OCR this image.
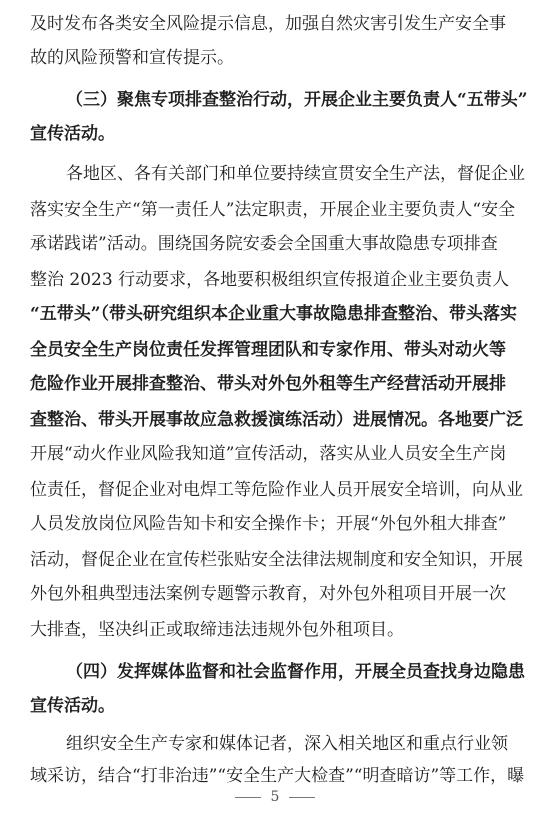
及时发布各类安全风险提示信息，加强自然灾害引发生产安全事
故的风险预警和宣传提示。
（三）聚焦专项排查整治行动，开展企业主要负责人“五带头”
宣传活动。
各地区、各有关部门和单位要持续宣贯安全生产法，督促企业
落实安全生产“第一责任人”法定职责，开展企业主要负责人“安全
承诺践诺”活动。围绕国务院安委会全国重大事故隐患专项排查
整治 2023 行动要求，各地要积极组织宣传报道企业主要负责人
“五带头”（带头研究组织本企业重大事故隐患排查整治、带头落实
全员安全生产岗位责任发挥管理团队和专家作用、带头对动火等
危险作业开展排查整治、带头对外包外租等生产经营活动开展排
查整治、带头开展事故应急救援演练活动）进展情况。各地要广泛
开展“动火作业风险我知道”宣传活动，落实从业人员安全生产岗
位责任，督促企业对电焊工等危险作业人员开展安全培训，向从业
人员发放岗位风险告知卡和安全操作卡；开展“外包外租大排查”
活动，督促企业在宣传栏张贴安全法律法规制度和安全知识，开展
外包外租典型违法案例专题警示教育，对外包外租项目开展一次
大排查，坚决纠正或取缔违法违规外包外租项目。
（四）发挥媒体监督和社会监督作用，开展全员查找身边隐患
宣传活动。
组织安全生产专家和媒体记者，深入相关地区和重点行业领
域采访，结合“打非治违”“安全生产大检查”“明查暗访”等工作，曝
5
